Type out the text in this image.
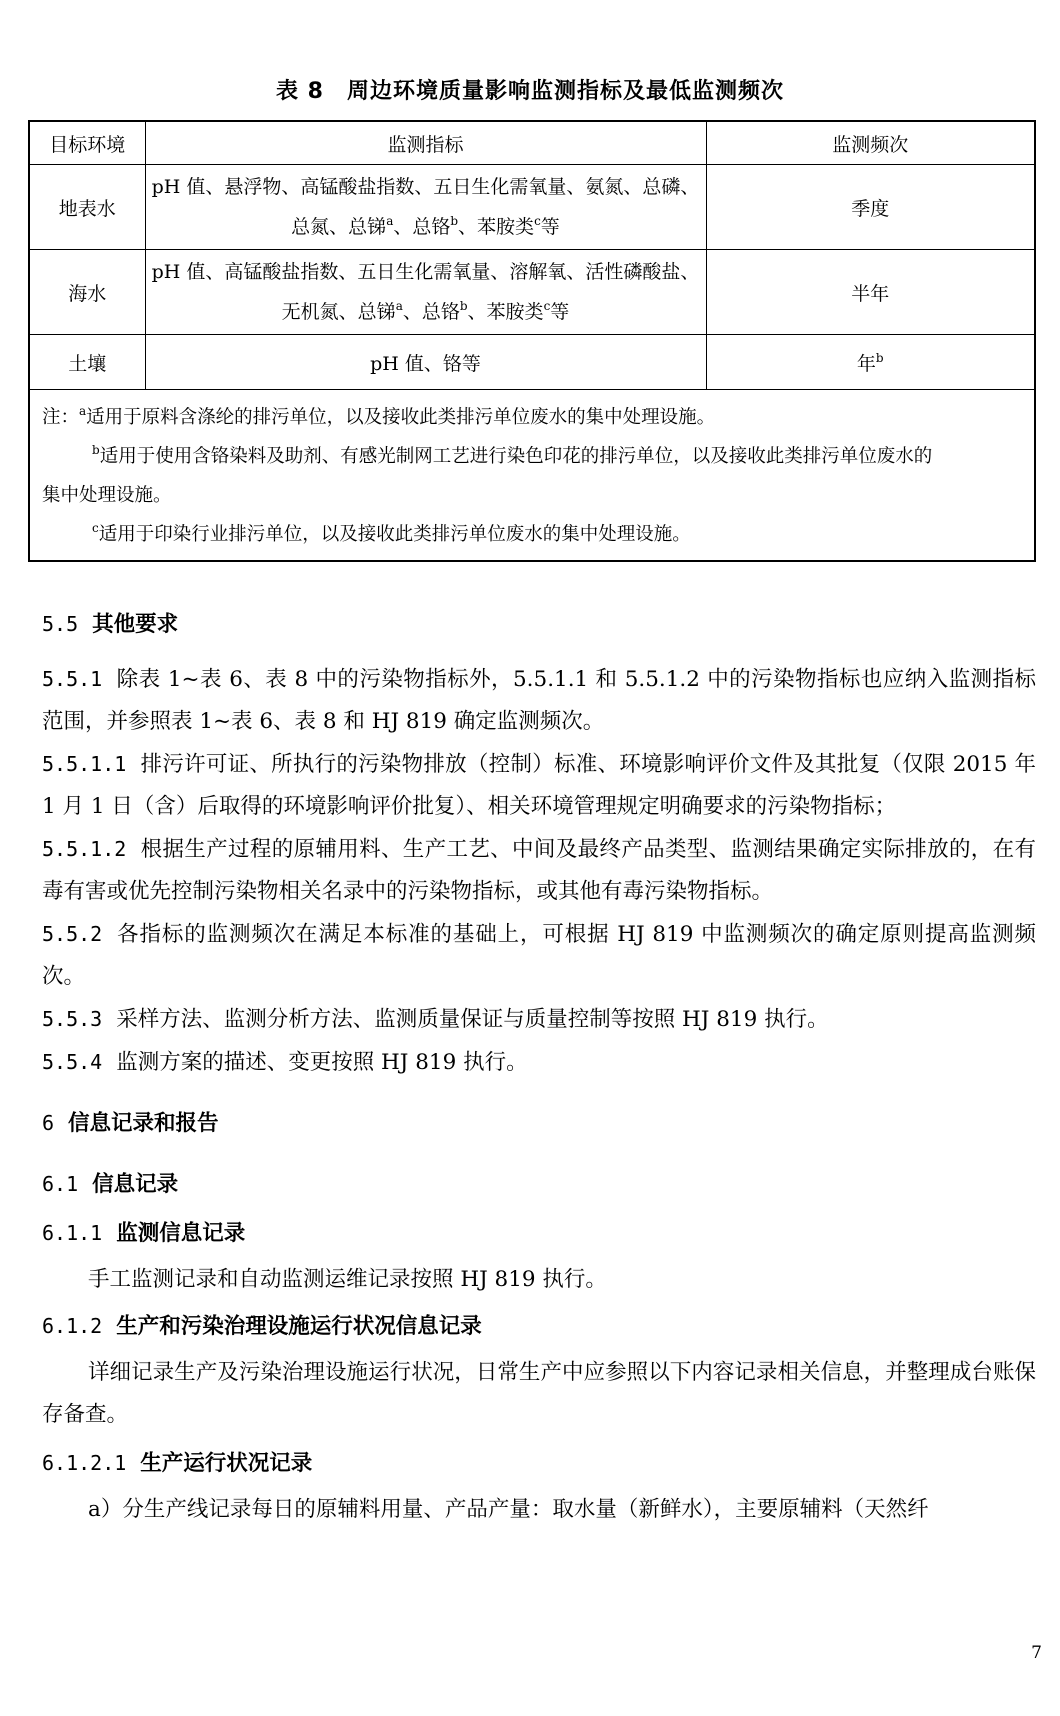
表 8　周边环境质量影响监测指标及最低监测频次
目标环境	监测指标	监测频次
地表水	pH 值、悬浮物、高锰酸盐指数、五日生化需氧量、氨氮、总磷、
总氮、总锑$^a$、总铬$^b$、苯胺类$^c$等	季度
海水	pH 值、高锰酸盐指数、五日生化需氧量、溶解氧、活性磷酸盐、
无机氮、总锑$^a$、总铬$^b$、苯胺类$^c$等	半年
土壤	pH 值、铬等	年$^b$

注：$^a$适用于原料含涤纶的排污单位，以及接收此类排污单位废水的集中处理设施。
$^b$适用于使用含铬染料及助剂、有感光制网工艺进行染色印花的排污单位，以及接收此类排污单位废水的
集中处理设施。
$^c$适用于印染行业排污单位，以及接收此类排污单位废水的集中处理设施。		

5.5 其他要求

5.5.1 除表 1~表 6、表 8 中的污染物指标外，5.5.1.1 和 5.5.1.2 中的污染物指标也应纳入监测指标范围，并参照表 1~表 6、表 8 和 HJ 819 确定监测频次。

5.5.1.1 排污许可证、所执行的污染物排放（控制）标准、环境影响评价文件及其批复（仅限 2015 年 1 月 1 日（含）后取得的环境影响评价批复）、相关环境管理规定明确要求的污染物指标；

5.5.1.2 根据生产过程的原辅用料、生产工艺、中间及最终产品类型、监测结果确定实际排放的，在有毒有害或优先控制污染物相关名录中的污染物指标，或其他有毒污染物指标。

5.5.2 各指标的监测频次在满足本标准的基础上，可根据 HJ 819 中监测频次的确定原则提高监测频次。

5.5.3 采样方法、监测分析方法、监测质量保证与质量控制等按照 HJ 819 执行。

5.5.4 监测方案的描述、变更按照 HJ 819 执行。

6 信息记录和报告

6.1 信息记录

6.1.1 监测信息记录

手工监测记录和自动监测运维记录按照 HJ 819 执行。

6.1.2 生产和污染治理设施运行状况信息记录

详细记录生产及污染治理设施运行状况，日常生产中应参照以下内容记录相关信息，并整理成台账保存备查。

6.1.2.1 生产运行状况记录

a）分生产线记录每日的原辅料用量、产品产量：取水量（新鲜水），主要原辅料（天然纤

7
